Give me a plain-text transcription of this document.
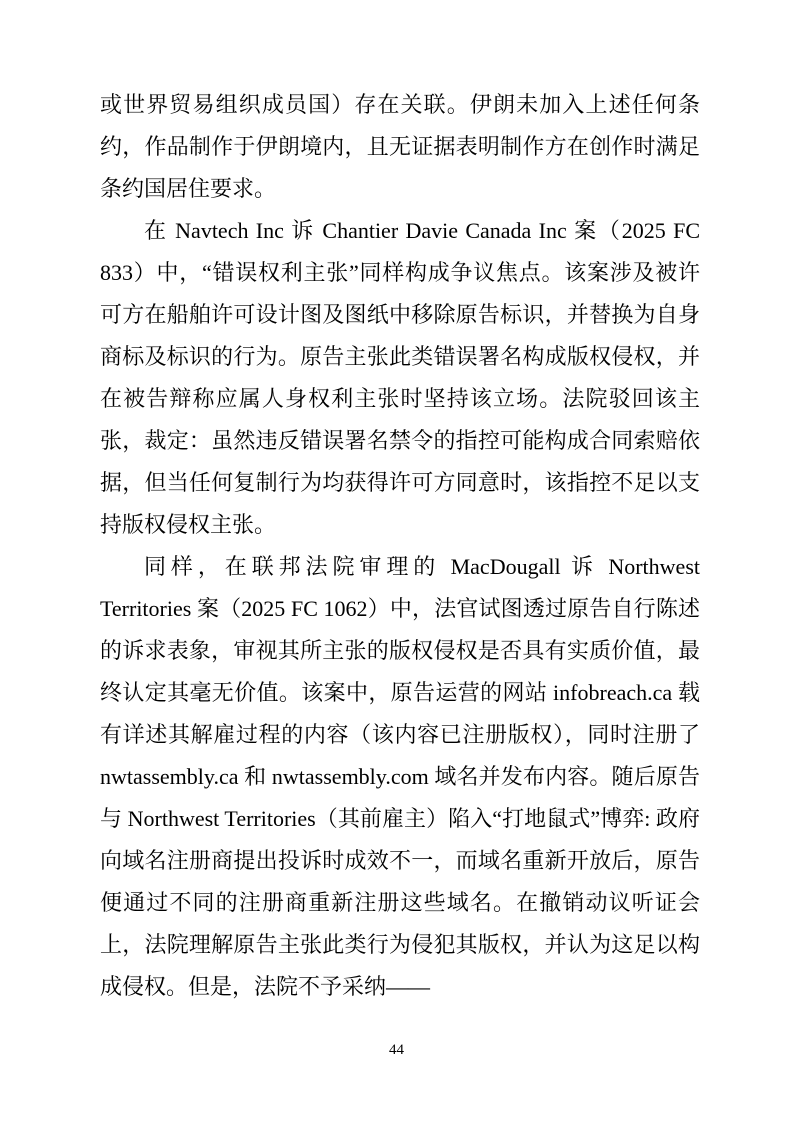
或世界贸易组织成员国）存在关联。伊朗未加入上述任何条约，作品制作于伊朗境内，且无证据表明制作方在创作时满足条约国居住要求。

在 Navtech Inc 诉 Chantier Davie Canada Inc 案（2025 FC 833）中，“错误权利主张”同样构成争议焦点。该案涉及被许可方在船舶许可设计图及图纸中移除原告标识，并替换为自身商标及标识的行为。原告主张此类错误署名构成版权侵权，并在被告辩称应属人身权利主张时坚持该立场。法院驳回该主张，裁定：虽然违反错误署名禁令的指控可能构成合同索赔依据，但当任何复制行为均获得许可方同意时，该指控不足以支持版权侵权主张。

同样，在联邦法院审理的 MacDougall 诉 Northwest Territories 案（2025 FC 1062）中，法官试图透过原告自行陈述的诉求表象，审视其所主张的版权侵权是否具有实质价值，最终认定其毫无价值。该案中，原告运营的网站 infobreach.ca 载有详述其解雇过程的内容（该内容已注册版权），同时注册了 nwtassembly.ca 和 nwtassembly.com 域名并发布内容。随后原告与 Northwest Territories（其前雇主）陷入“打地鼠式”博弈: 政府向域名注册商提出投诉时成效不一，而域名重新开放后，原告便通过不同的注册商重新注册这些域名。在撤销动议听证会上，法院理解原告主张此类行为侵犯其版权，并认为这足以构成侵权。但是，法院不予采纳——

44
